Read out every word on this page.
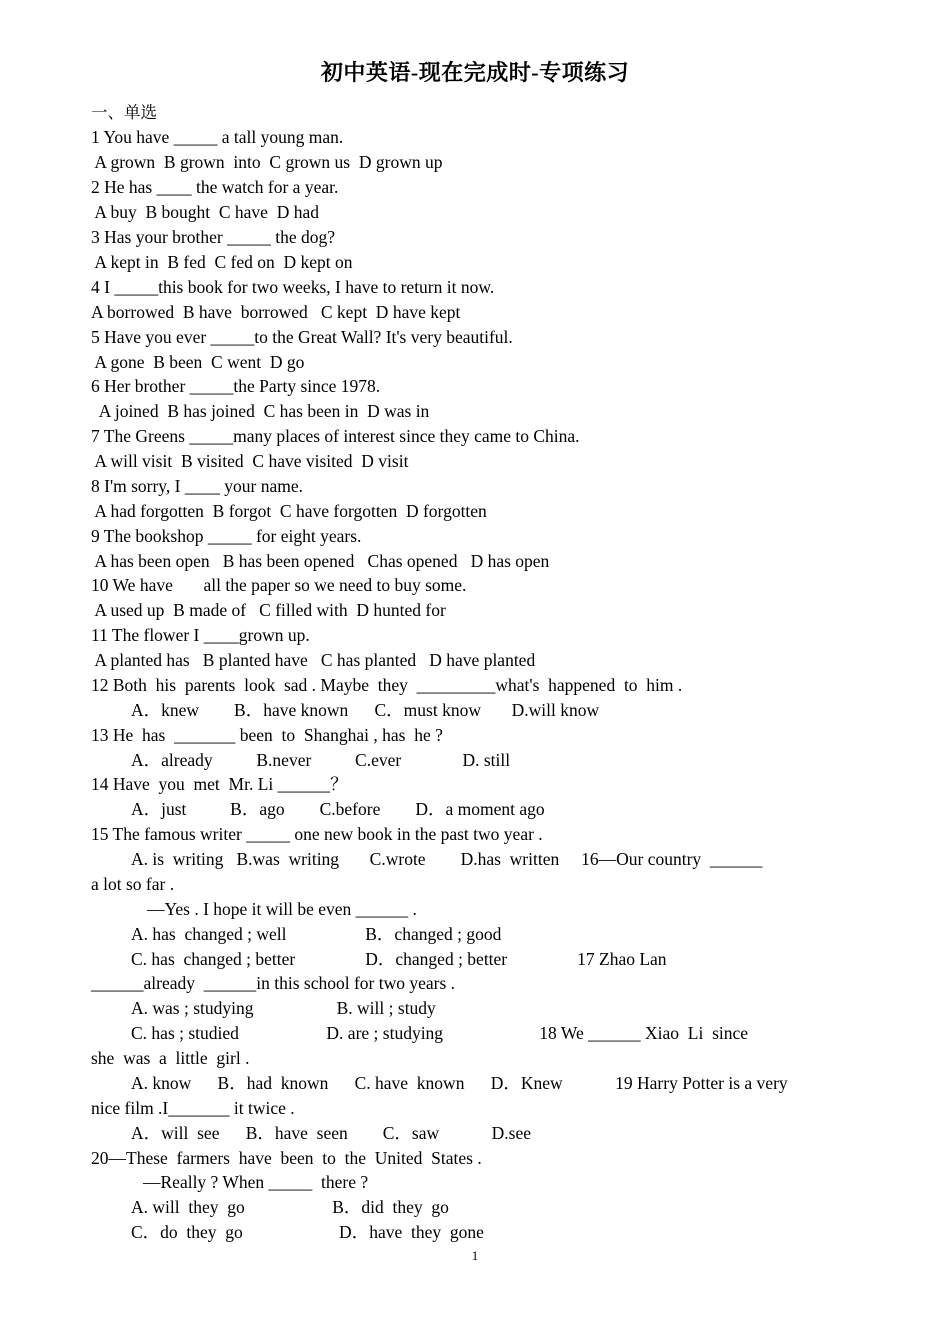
初中英语-现在完成时-专项练习
一、单选
1 You have _____ a tall young man.
A grown  B grown  into  C grown us  D grown up
2 He has ____ the watch for a year.
A buy  B bought  C have  D had
3 Has your brother _____ the dog?
A kept in  B fed  C fed on  D kept on
4 I _____this book for two weeks, I have to return it now.
A borrowed  B have  borrowed   C kept  D have kept
5 Have you ever _____to the Great Wall? It's very beautiful.
A gone  B been  C went  D go
6 Her brother _____the Party since 1978.
A joined  B has joined  C has been in  D was in
7 The Greens _____many places of interest since they came to China.
A will visit  B visited  C have visited  D visit
8 I'm sorry, I ____ your name.
A had forgotten  B forgot  C have forgotten  D forgotten
9 The bookshop _____ for eight years.
A has been open   B has been opened   Chas opened   D has open
10 We have       all the paper so we need to buy some.
A used up  B made of   C filled with  D hunted for
11 The flower I ____grown up.
A planted has   B planted have   C has planted   D have planted
12 Both  his  parents  look  sad . Maybe  they  _________what's  happened  to  him .
A．knew        B．have known      C．must know       D.will know
13 He  has  _______ been  to  Shanghai , has  he ?
A．already          B.never          C.ever              D. still
14 Have  you  met  Mr. Li ______？
A．just          B．ago        C.before        D．a moment ago
15 The famous writer _____ one new book in the past two year .
A. is  writing   B.was  writing       C.wrote        D.has  written     16—Our country  ______
a lot so far .
—Yes . I hope it will be even ______ .
A. has  changed ; well                  B．changed ; good
C. has  changed ; better                D．changed ; better                17 Zhao Lan
______already  ______in this school for two years .
A. was ; studying                   B. will ; study
C. has ; studied                    D. are ; studying                      18 We ______ Xiao  Li  since
she  was  a  little  girl .
A. know      B．had  known      C. have  known      D．Knew            19 Harry Potter is a very
nice film .I_______ it twice .
A．will  see      B．have  seen        C．saw            D.see
20—These  farmers  have  been  to  the  United  States .
—Really ? When _____  there ?
A. will  they  go                    B．did  they  go
C．do  they  go                      D．have  they  gone
1
